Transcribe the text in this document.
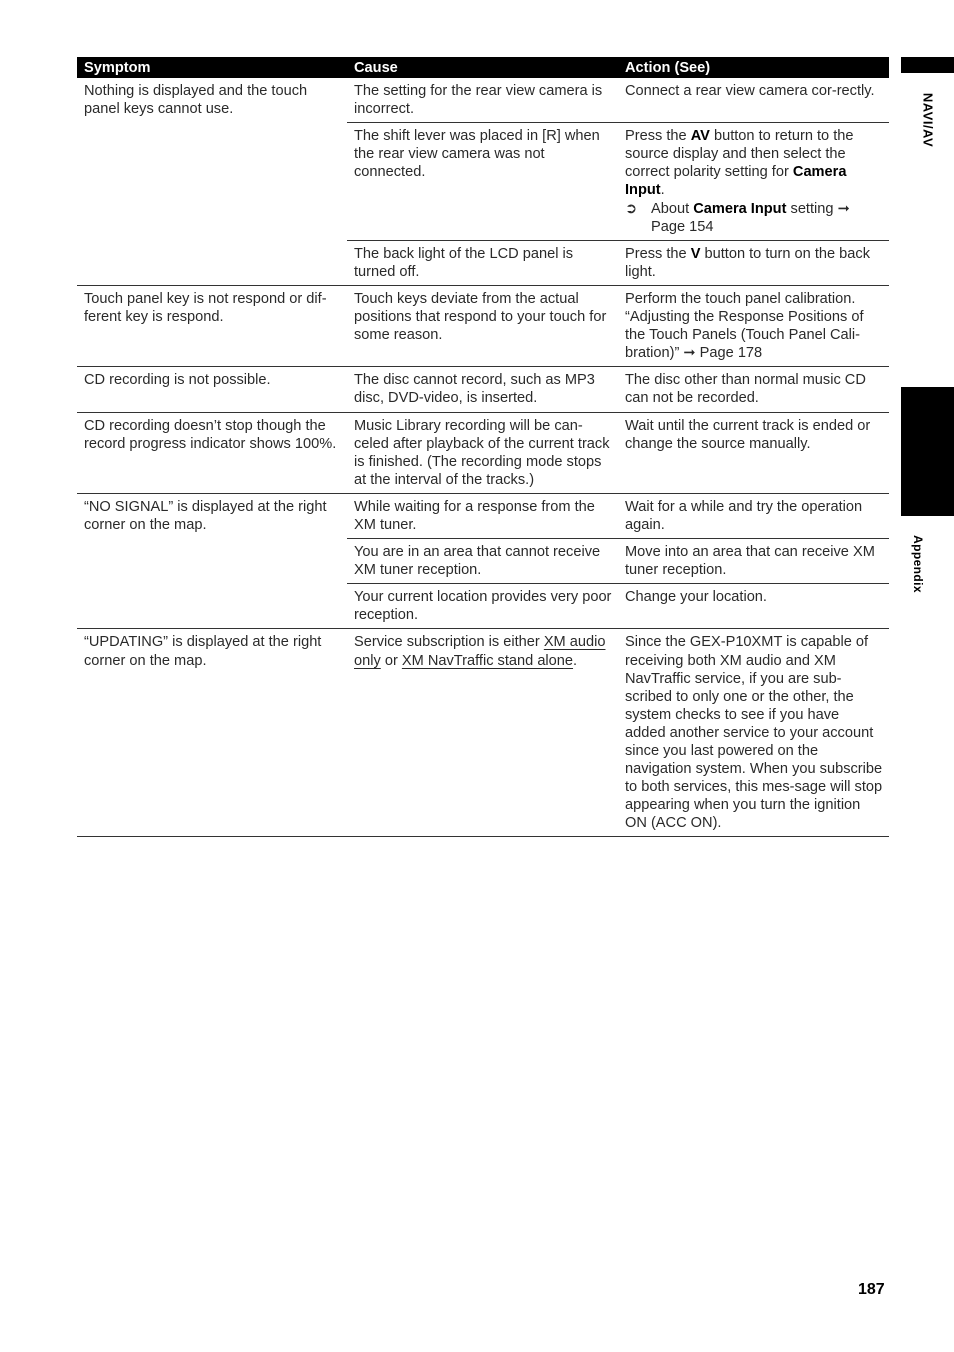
NAVI/AV
Appendix
Symptom	Cause	Action (See)
Nothing is displayed and the touch panel keys cannot use.	The setting for the rear view camera is incorrect.	Connect a rear view camera cor-rectly.
	The shift lever was placed in [R] when the rear view camera was not connected.	Press the AV button to return to the source display and then select the correct polarity setting for Camera Input.
➲ About Camera Input setting ➞ Page 154

	The back light of the LCD panel is turned off.	Press the V button to turn on the back light.
Touch panel key is not respond or dif-ferent key is respond.	Touch keys deviate from the actual positions that respond to your touch for some reason.	Perform the touch panel calibration. “Adjusting the Response Positions of the Touch Panels (Touch Panel Cali-bration)” ➞ Page 178
CD recording is not possible.	The disc cannot record, such as MP3 disc, DVD-video, is inserted.	The disc other than normal music CD can not be recorded.
CD recording doesn’t stop though the record progress indicator shows 100%.	Music Library recording will be can-celed after playback of the current track is finished. (The recording mode stops at the interval of the tracks.)	Wait until the current track is ended or change the source manually.
“NO SIGNAL” is displayed at the right corner on the map.	While waiting for a response from the XM tuner.	Wait for a while and try the operation again.
	You are in an area that cannot receive XM tuner reception.	Move into an area that can receive XM tuner reception.
	Your current location provides very poor reception.	Change your location.
“UPDATING” is displayed at the right corner on the map.	Service subscription is either XM audio only or XM NavTraffic stand alone.	Since the GEX-P10XMT is capable of receiving both XM audio and XM NavTraffic service, if you are sub-scribed to only one or the other, the system checks to see if you have added another service to your account since you last powered on the navigation system. When you subscribe to both services, this mes-sage will stop appearing when you turn the ignition ON (ACC ON).
187
